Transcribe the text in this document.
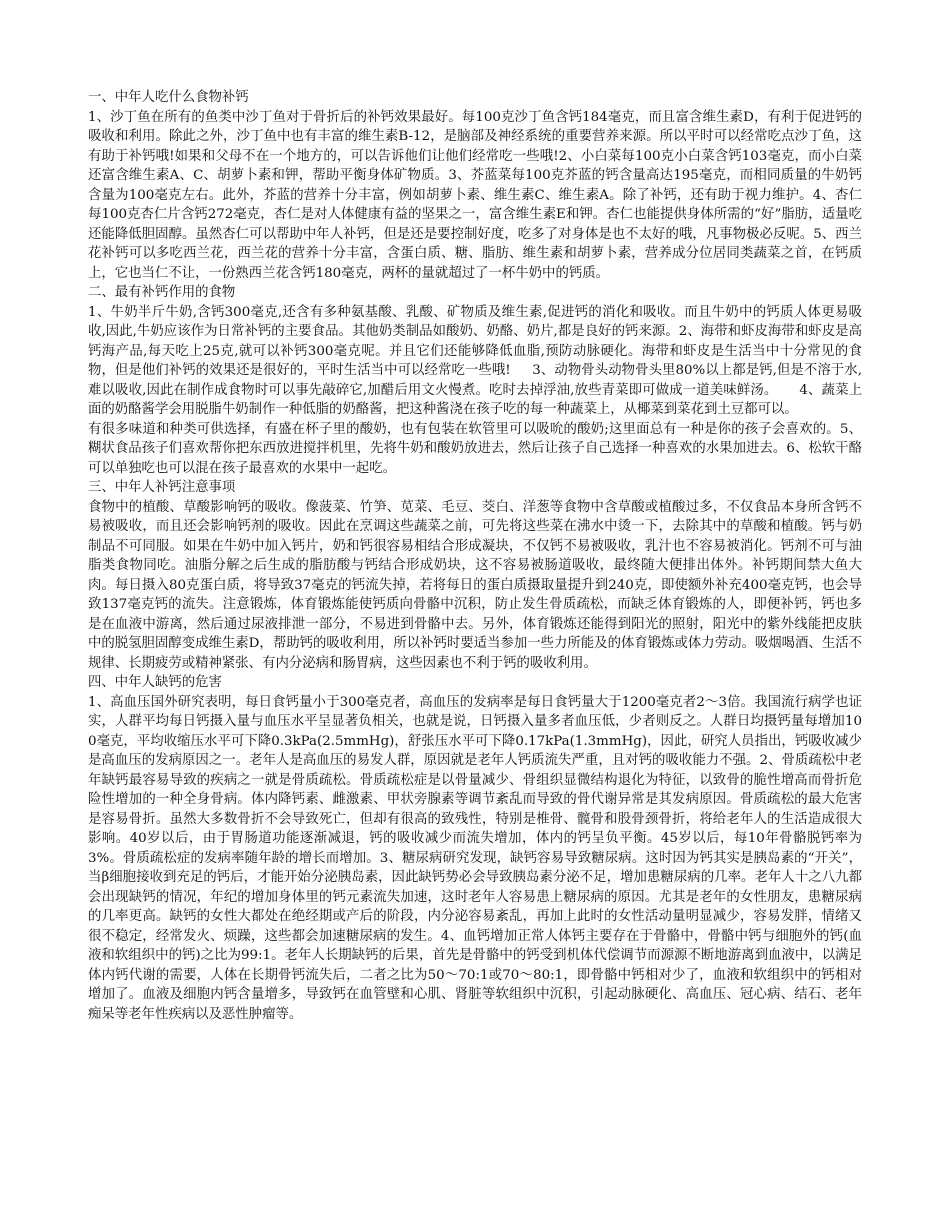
一、中年人吃什么食物补钙

1、沙丁鱼在所有的鱼类中沙丁鱼对于骨折后的补钙效果最好。每100克沙丁鱼含钙184毫克，而且富含维生素D，有利于促进钙的吸收和利用。除此之外，沙丁鱼中也有丰富的维生素B-12，是脑部及神经系统的重要营养来源。所以平时可以经常吃点沙丁鱼，这有助于补钙哦!如果和父母不在一个地方的，可以告诉他们让他们经常吃一些哦!2、小白菜每100克小白菜含钙103毫克，而小白菜还富含维生素A、C、胡萝卜素和钾，帮助平衡身体矿物质。3、芥蓝菜每100克芥蓝的钙含量高达195毫克，而相同质量的牛奶钙含量为100毫克左右。此外，芥蓝的营养十分丰富，例如胡萝卜素、维生素C、维生素A。除了补钙，还有助于视力维护。4、杏仁每100克杏仁片含钙272毫克，杏仁是对人体健康有益的坚果之一，富含维生素E和钾。杏仁也能提供身体所需的“好”脂肪，适量吃还能降低胆固醇。虽然杏仁可以帮助中年人补钙，但是还是要控制好度，吃多了对身体是也不太好的哦，凡事物极必反呢。5、西兰花补钙可以多吃西兰花，西兰花的营养十分丰富，含蛋白质、糖、脂肪、维生素和胡萝卜素，营养成分位居同类蔬菜之首，在钙质上，它也当仁不让，一份熟西兰花含钙180毫克，两杯的量就超过了一杯牛奶中的钙质。

二、最有补钙作用的食物

1、牛奶半斤牛奶,含钙300毫克,还含有多种氨基酸、乳酸、矿物质及维生素,促进钙的消化和吸收。而且牛奶中的钙质人体更易吸收,因此,牛奶应该作为日常补钙的主要食品。其他奶类制品如酸奶、奶酪、奶片,都是良好的钙来源。2、海带和虾皮海带和虾皮是高钙海产品,每天吃上25克,就可以补钙300毫克呢。并且它们还能够降低血脂,预防动脉硬化。海带和虾皮是生活当中十分常见的食物，但是他们补钙的效果还是很好的，平时生活当中可以经常吃一些哦!     3、动物骨头动物骨头里80%以上都是钙,但是不溶于水,难以吸收,因此在制作成食物时可以事先敲碎它,加醋后用文火慢煮。吃时去掉浮油,放些青菜即可做成一道美味鲜汤。     4、蔬菜上面的奶酪酱学会用脱脂牛奶制作一种低脂的奶酪酱，把这种酱浇在孩子吃的每一种蔬菜上，从椰菜到菜花到土豆都可以。

有很多味道和种类可供选择，有盛在杯子里的酸奶，也有包装在软管里可以吸吮的酸奶;这里面总有一种是你的孩子会喜欢的。5、糊状食品孩子们喜欢帮你把东西放进搅拌机里，先将牛奶和酸奶放进去，然后让孩子自己选择一种喜欢的水果加进去。6、松软干酪可以单独吃也可以混在孩子最喜欢的水果中一起吃。

三、中年人补钙注意事项

食物中的植酸、草酸影响钙的吸收。像菠菜、竹笋、苋菜、毛豆、茭白、洋葱等食物中含草酸或植酸过多，不仅食品本身所含钙不易被吸收，而且还会影响钙剂的吸收。因此在烹调这些蔬菜之前，可先将这些菜在沸水中烫一下，去除其中的草酸和植酸。钙与奶制品不可同服。如果在牛奶中加入钙片，奶和钙很容易相结合形成凝块，不仅钙不易被吸收，乳汁也不容易被消化。钙剂不可与油脂类食物同吃。油脂分解之后生成的脂肪酸与钙结合形成奶块，这不容易被肠道吸收，最终随大便排出体外。补钙期间禁大鱼大肉。每日摄入80克蛋白质，将导致37毫克的钙流失掉，若将每日的蛋白质摄取量提升到240克，即使额外补充400毫克钙，也会导致137毫克钙的流失。注意锻炼，体育锻炼能使钙质向骨骼中沉积，防止发生骨质疏松，而缺乏体育锻炼的人，即便补钙，钙也多是在血液中游离，然后通过尿液排泄一部分，不易进到骨骼中去。另外，体育锻炼还能得到阳光的照射，阳光中的紫外线能把皮肤中的脱氢胆固醇变成维生素D，帮助钙的吸收利用，所以补钙时要适当参加一些力所能及的体育锻炼或体力劳动。吸烟喝酒、生活不规律、长期疲劳或精神紧张、有内分泌病和肠胃病，这些因素也不利于钙的吸收利用。

四、中年人缺钙的危害

1、高血压国外研究表明，每日食钙量小于300毫克者，高血压的发病率是每日食钙量大于1200毫克者2～3倍。我国流行病学也证实，人群平均每日钙摄入量与血压水平呈显著负相关，也就是说，日钙摄入量多者血压低，少者则反之。人群日均摄钙量每增加100毫克，平均收缩压水平可下降0.3kPa(2.5mmHg)，舒张压水平可下降0.17kPa(1.3mmHg)，因此，研究人员指出，钙吸收减少是高血压的发病原因之一。老年人是高血压的易发人群，原因就是老年人钙质流失严重，且对钙的吸收能力不强。2、骨质疏松中老年缺钙最容易导致的疾病之一就是骨质疏松。骨质疏松症是以骨量减少、骨组织显微结构退化为特征，以致骨的脆性增高而骨折危险性增加的一种全身骨病。体内降钙素、雌激素、甲状旁腺素等调节紊乱而导致的骨代谢异常是其发病原因。骨质疏松的最大危害是容易骨折。虽然大多数骨折不会导致死亡，但却有很高的致残性，特别是椎骨、髋骨和股骨颈骨折，将给老年人的生活造成很大影响。40岁以后，由于胃肠道功能逐渐减退，钙的吸收减少而流失增加，体内的钙呈负平衡。45岁以后，每10年骨骼脱钙率为3%。骨质疏松症的发病率随年龄的增长而增加。3、糖尿病研究发现，缺钙容易导致糖尿病。这时因为钙其实是胰岛素的“开关”，当β细胞接收到充足的钙后，才能开始分泌胰岛素，因此缺钙势必会导致胰岛素分泌不足，增加患糖尿病的几率。老年人十之八九都会出现缺钙的情况，年纪的增加身体里的钙元素流失加速，这时老年人容易患上糖尿病的原因。尤其是老年的女性朋友，患糖尿病的几率更高。缺钙的女性大都处在绝经期或产后的阶段，内分泌容易紊乱，再加上此时的女性活动量明显减少，容易发胖，情绪又很不稳定，经常发火、烦躁，这些都会加速糖尿病的发生。4、血钙增加正常人体钙主要存在于骨骼中，骨骼中钙与细胞外的钙(血液和软组织中的钙)之比为99:1。老年人长期缺钙的后果，首先是骨骼中的钙受到机体代偿调节而源源不断地游离到血液中，以满足体内钙代谢的需要，人体在长期骨钙流失后，二者之比为50～70:1或70～80:1，即骨骼中钙相对少了，血液和软组织中的钙相对增加了。血液及细胞内钙含量增多，导致钙在血管壁和心肌、肾脏等软组织中沉积，引起动脉硬化、高血压、冠心病、结石、老年痴呆等老年性疾病以及恶性肿瘤等。
